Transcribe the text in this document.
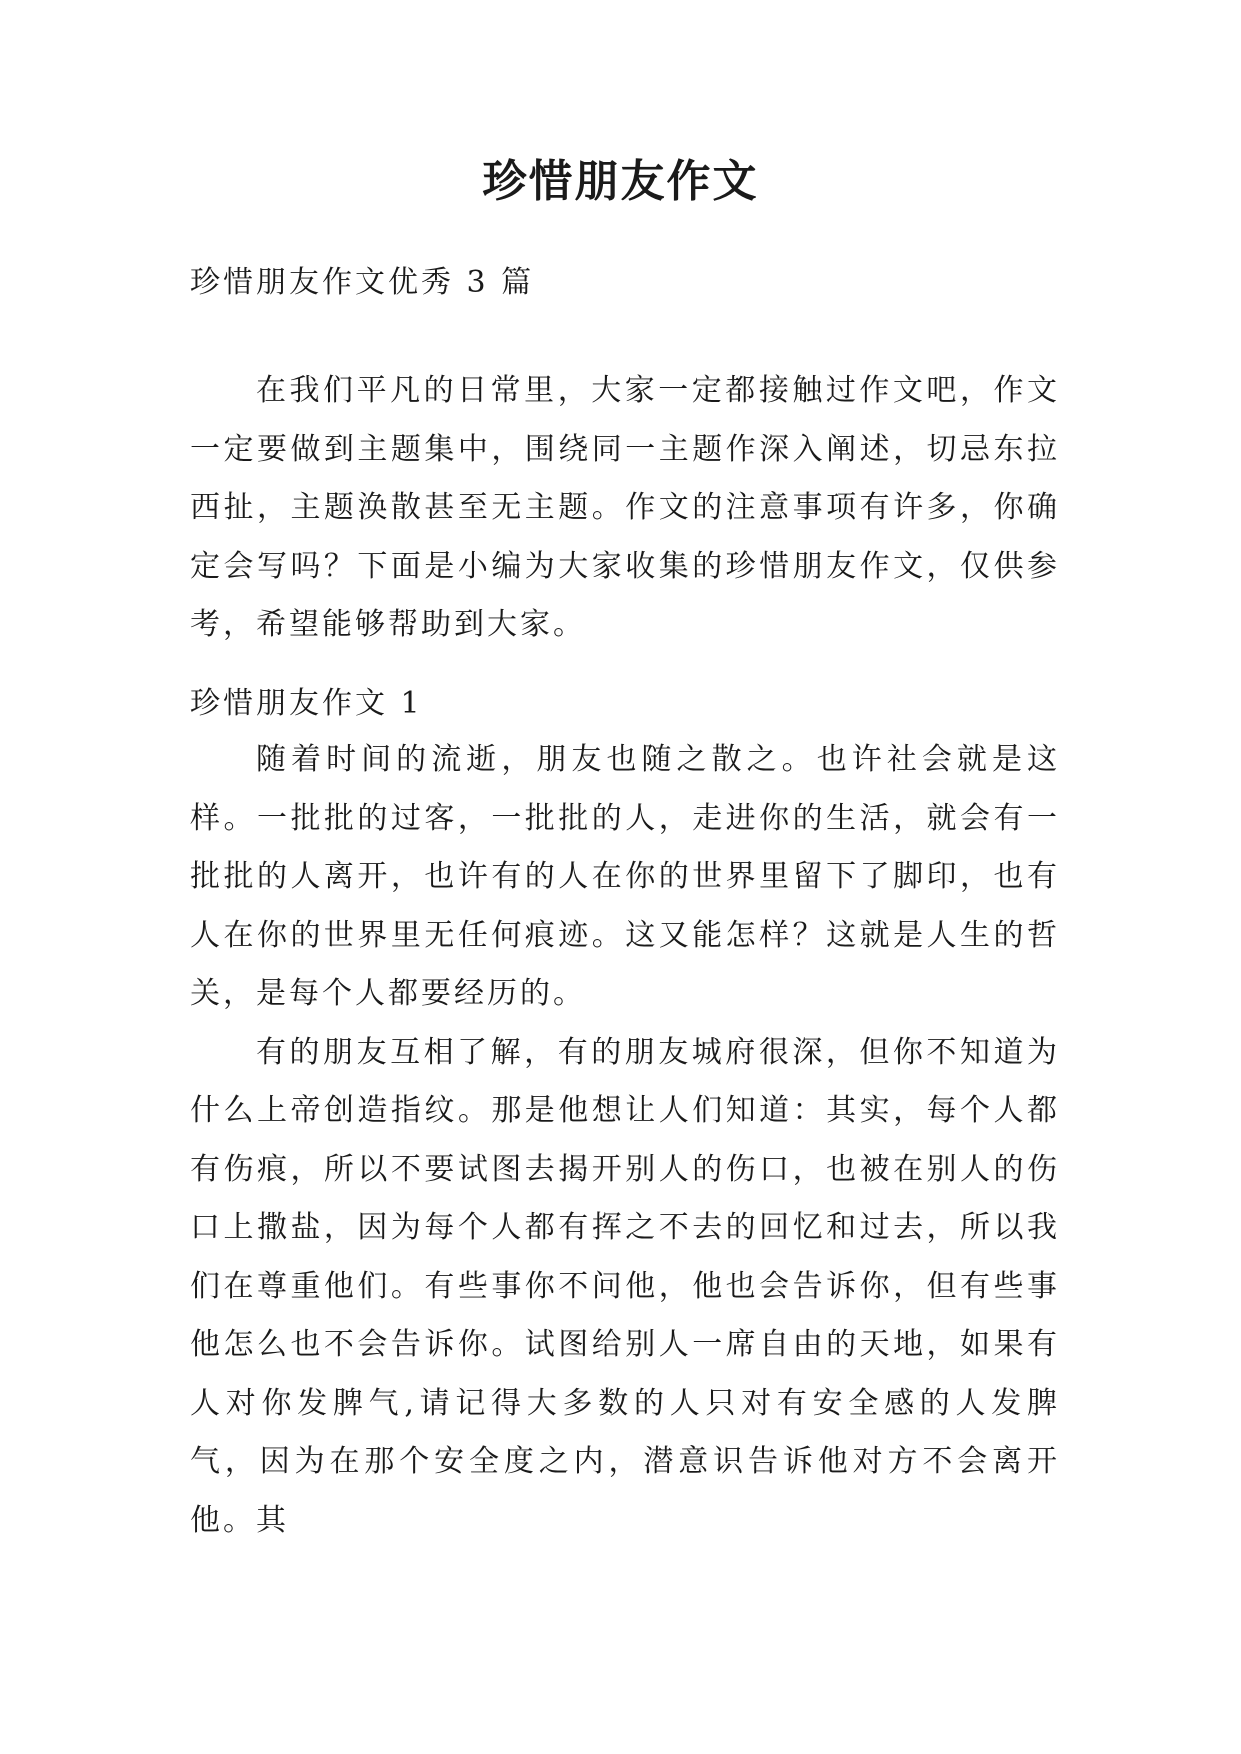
珍惜朋友作文
珍惜朋友作文优秀 3 篇

在我们平凡的日常里，大家一定都接触过作文吧，作文一定要做到主题集中，围绕同一主题作深入阐述，切忌东拉西扯，主题涣散甚至无主题。作文的注意事项有许多，你确定会写吗？下面是小编为大家收集的珍惜朋友作文，仅供参考，希望能够帮助到大家。

珍惜朋友作文 1

随着时间的流逝，朋友也随之散之。也许社会就是这样。一批批的过客，一批批的人，走进你的生活，就会有一批批的人离开，也许有的人在你的世界里留下了脚印，也有人在你的世界里无任何痕迹。这又能怎样？这就是人生的哲关，是每个人都要经历的。

有的朋友互相了解，有的朋友城府很深，但你不知道为什么上帝创造指纹。那是他想让人们知道：其实，每个人都有伤痕，所以不要试图去揭开别人的伤口，也被在别人的伤口上撒盐，因为每个人都有挥之不去的回忆和过去，所以我们在尊重他们。有些事你不问他，他也会告诉你，但有些事他怎么也不会告诉你。试图给别人一席自由的天地，如果有人对你发脾气,请记得大多数的人只对有安全感的人发脾气，因为在那个安全度之内，潜意识告诉他对方不会离开他。其
